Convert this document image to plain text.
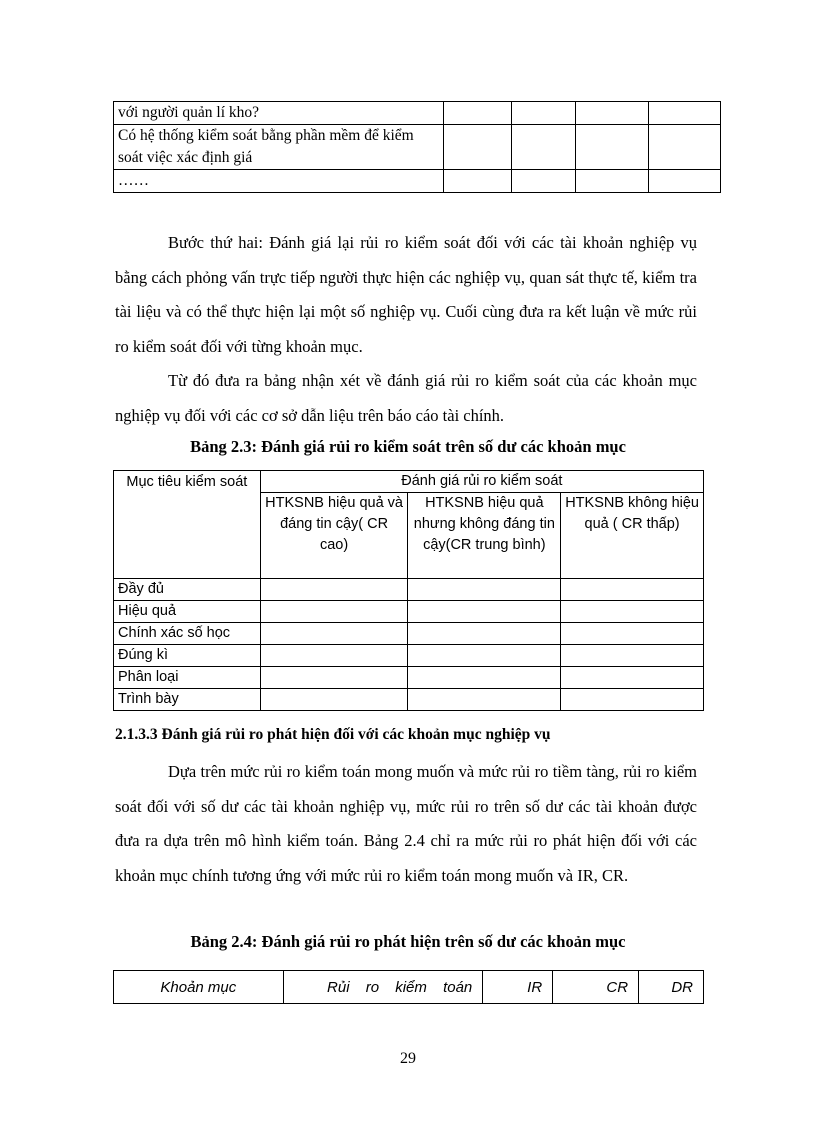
với người quản lí kho?				
Có hệ thống kiểm soát bằng phần mềm để kiểm soát việc xác định giá				
……				

Bước thứ hai: Đánh giá lại rủi ro kiểm soát đối với các tài khoản nghiệp vụ bằng cách phỏng vấn trực tiếp người thực hiện các nghiệp vụ, quan sát thực tế, kiểm tra tài liệu và có thể thực hiện lại một số nghiệp vụ. Cuối cùng đưa ra kết luận về mức rủi ro kiểm soát đối với từng khoản mục.

Từ đó đưa ra bảng nhận xét về đánh giá rủi ro kiểm soát của các khoản mục nghiệp vụ đối với các cơ sở dẫn liệu trên báo cáo tài chính.

Bảng 2.3: Đánh giá rủi ro kiểm soát trên số dư các khoản mục
	Đánh giá rủi ro kiểm soát		

Mục tiêu kiểm soát	HTKSNB hiệu quả và đáng tin cậy( CR cao)	HTKSNB hiệu quả nhưng không đáng tin cậy(CR trung bình)	HTKSNB không hiệu quả ( CR thấp)
Đầy đủ			
Hiệu quả			
Chính xác số học			
Đúng kì			
Phân loại			
Trình bày			
2.1.3.3 Đánh giá rủi ro phát hiện đối với các khoản mục nghiệp vụ

Dựa trên mức rủi ro kiểm toán mong muốn và mức rủi ro tiềm tàng, rủi ro kiểm soát đối với số dư các tài khoản nghiệp vụ, mức rủi ro trên số dư các tài khoản được đưa ra dựa trên mô hình kiểm toán. Bảng 2.4 chỉ ra mức rủi ro phát hiện đối với các khoản mục chính tương ứng với mức rủi ro kiểm toán mong muốn và IR, CR.

Bảng 2.4: Đánh giá rủi ro phát hiện trên số dư các khoản mục
Khoản mục	Rủi ro kiểm toán	IR	CR	DR
29
